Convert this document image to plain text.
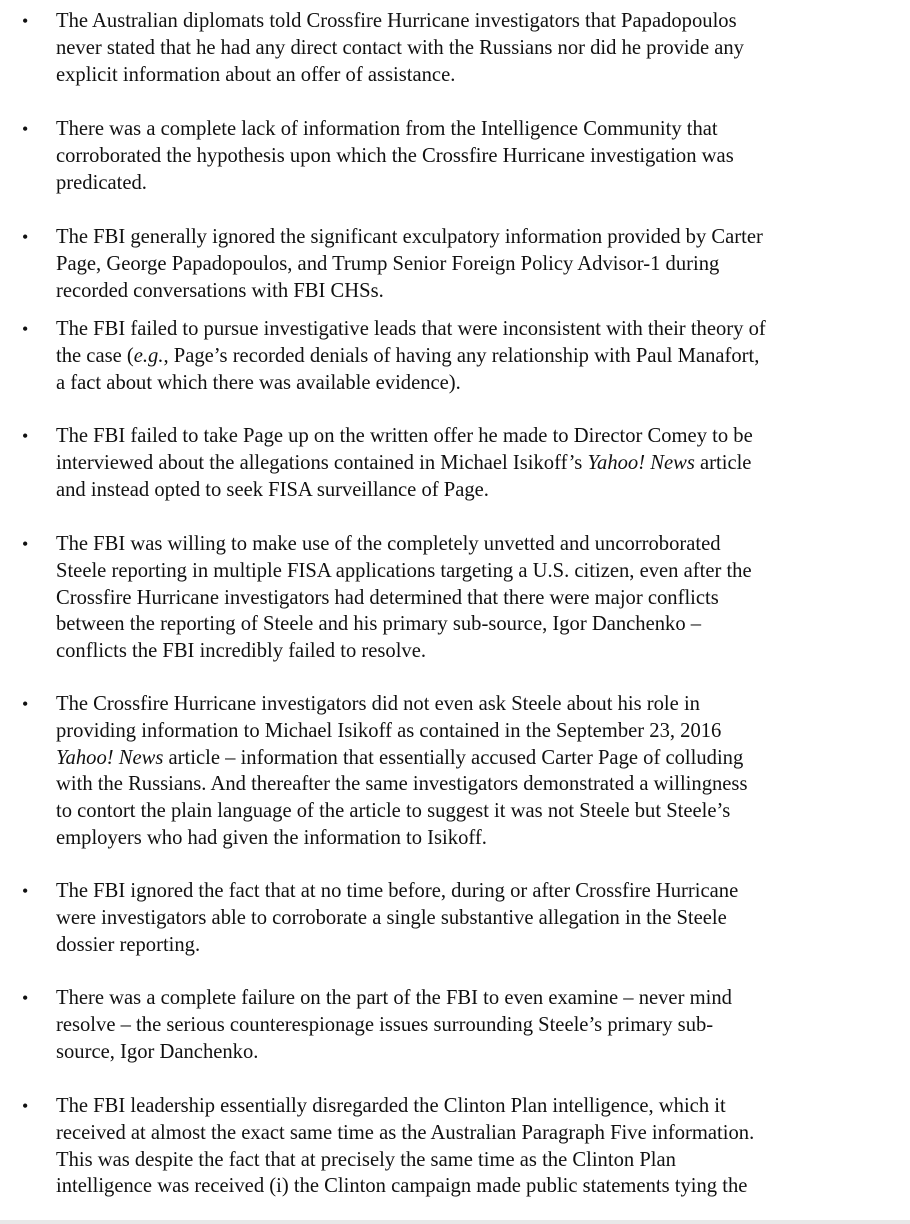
• The Australian diplomats told Crossfire Hurricane investigators that Papadopoulos
never stated that he had any direct contact with the Russians nor did he provide any
explicit information about an offer of assistance.
• There was a complete lack of information from the Intelligence Community that
corroborated the hypothesis upon which the Crossfire Hurricane investigation was
predicated.
• The FBI generally ignored the significant exculpatory information provided by Carter
Page, George Papadopoulos, and Trump Senior Foreign Policy Advisor-1 during
recorded conversations with FBI CHSs.
• The FBI failed to pursue investigative leads that were inconsistent with their theory of
the case (e.g., Page’s recorded denials of having any relationship with Paul Manafort,
a fact about which there was available evidence).
• The FBI failed to take Page up on the written offer he made to Director Comey to be
interviewed about the allegations contained in Michael Isikoff’s Yahoo! News article
and instead opted to seek FISA surveillance of Page.
• The FBI was willing to make use of the completely unvetted and uncorroborated
Steele reporting in multiple FISA applications targeting a U.S. citizen, even after the
Crossfire Hurricane investigators had determined that there were major conflicts
between the reporting of Steele and his primary sub-source, Igor Danchenko –
conflicts the FBI incredibly failed to resolve.
• The Crossfire Hurricane investigators did not even ask Steele about his role in
providing information to Michael Isikoff as contained in the September 23, 2016
Yahoo! News article – information that essentially accused Carter Page of colluding
with the Russians. And thereafter the same investigators demonstrated a willingness
to contort the plain language of the article to suggest it was not Steele but Steele’s
employers who had given the information to Isikoff.
• The FBI ignored the fact that at no time before, during or after Crossfire Hurricane
were investigators able to corroborate a single substantive allegation in the Steele
dossier reporting.
• There was a complete failure on the part of the FBI to even examine – never mind
resolve – the serious counterespionage issues surrounding Steele’s primary sub-
source, Igor Danchenko.
• The FBI leadership essentially disregarded the Clinton Plan intelligence, which it
received at almost the exact same time as the Australian Paragraph Five information.
This was despite the fact that at precisely the same time as the Clinton Plan
intelligence was received (i) the Clinton campaign made public statements tying the
